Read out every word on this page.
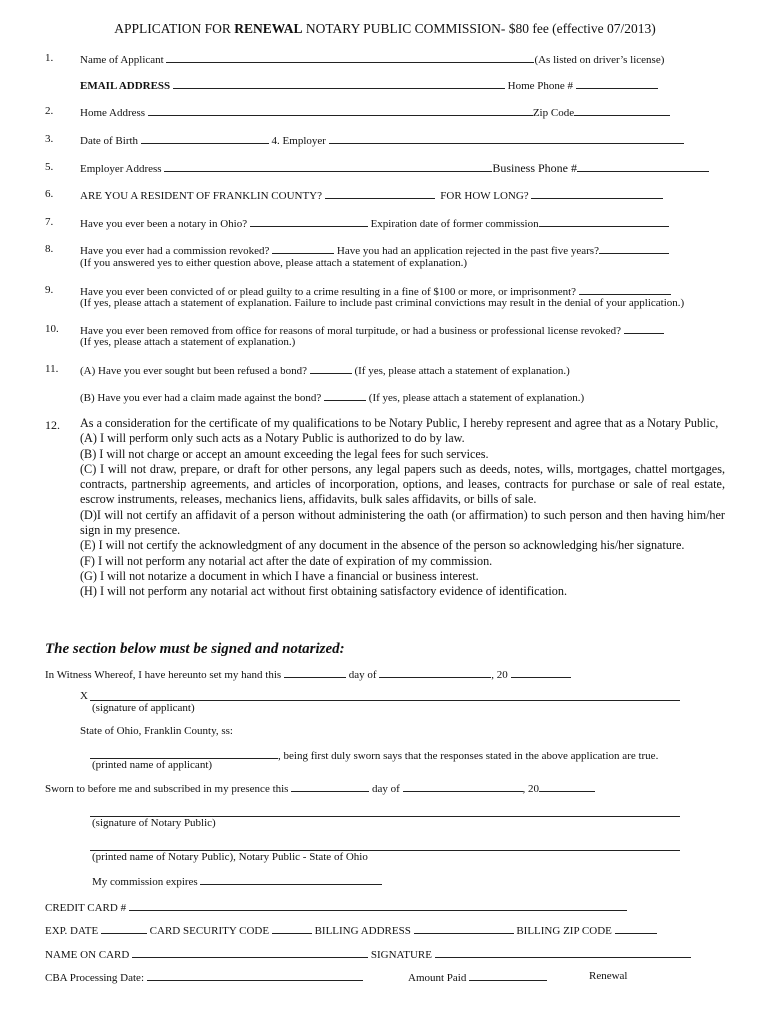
APPLICATION FOR RENEWAL NOTARY PUBLIC COMMISSION- $80 fee (effective 07/2013)
1. Name of Applicant	(As listed on driver’s license)
EMAIL ADDRESS	Home Phone #
2. Home Address	Zip Code
3. Date of Birth	4. Employer
5. Employer Address	Business Phone #
6. ARE YOU A RESIDENT OF FRANKLIN COUNTY?	FOR HOW LONG?
7. Have you ever been a notary in Ohio?	Expiration date of former commission
8. Have you ever had a commission revoked?	Have you had an application rejected in the past five years?
(If you answered yes to either question above, please attach a statement of explanation.)
9. Have you ever been convicted of or plead guilty to a crime resulting in a fine of $100 or more, or imprisonment?
(If yes, please attach a statement of explanation. Failure to include past criminal convictions may result in the denial of your application.)
10. Have you ever been removed from office for reasons of moral turpitude, or had a business or professional license revoked?
(If yes, please attach a statement of explanation.)
11. (A) Have you ever sought but been refused a bond?	(If yes, please attach a statement of explanation.)
(B) Have you ever had a claim made against the bond?	(If yes, please attach a statement of explanation.)
12. As a consideration for the certificate of my qualifications to be Notary Public, I hereby represent and agree that as a Notary Public,
(A) I will perform only such acts as a Notary Public is authorized to do by law.
(B) I will not charge or accept an amount exceeding the legal fees for such services.
(C) I will not draw, prepare, or draft for other persons, any legal papers such as deeds, notes, wills, mortgages, chattel mortgages, contracts, partnership agreements, and articles of incorporation, options, and leases, contracts for purchase or sale of real estate, escrow instruments, releases, mechanics liens, affidavits, bulk sales affidavits, or bills of sale.
(D)I will not certify an affidavit of a person without administering the oath (or affirmation) to such person and then having him/her sign in my presence.
(E) I will not certify the acknowledgment of any document in the absence of the person so acknowledging his/her signature.
(F) I will not perform any notarial act after the date of expiration of my commission.
(G) I will not notarize a document in which I have a financial or business interest.
(H) I will not perform any notarial act without first obtaining satisfactory evidence of identification.
The section below must be signed and notarized:
In Witness Whereof, I have hereunto set my hand this	day of	, 20
X
(signature of applicant)
State of Ohio, Franklin County, ss:
, being first duly sworn says that the responses stated in the above application are true.
(printed name of applicant)
Sworn to before me and subscribed in my presence this	day of	, 20
(signature of Notary Public)
(printed name of Notary Public), Notary Public - State of Ohio
My commission expires
CREDIT CARD #
EXP. DATE	CARD SECURITY CODE	BILLING ADDRESS	BILLING ZIP CODE
NAME ON CARD	SIGNATURE
CBA Processing Date:	Amount Paid	Renewal
